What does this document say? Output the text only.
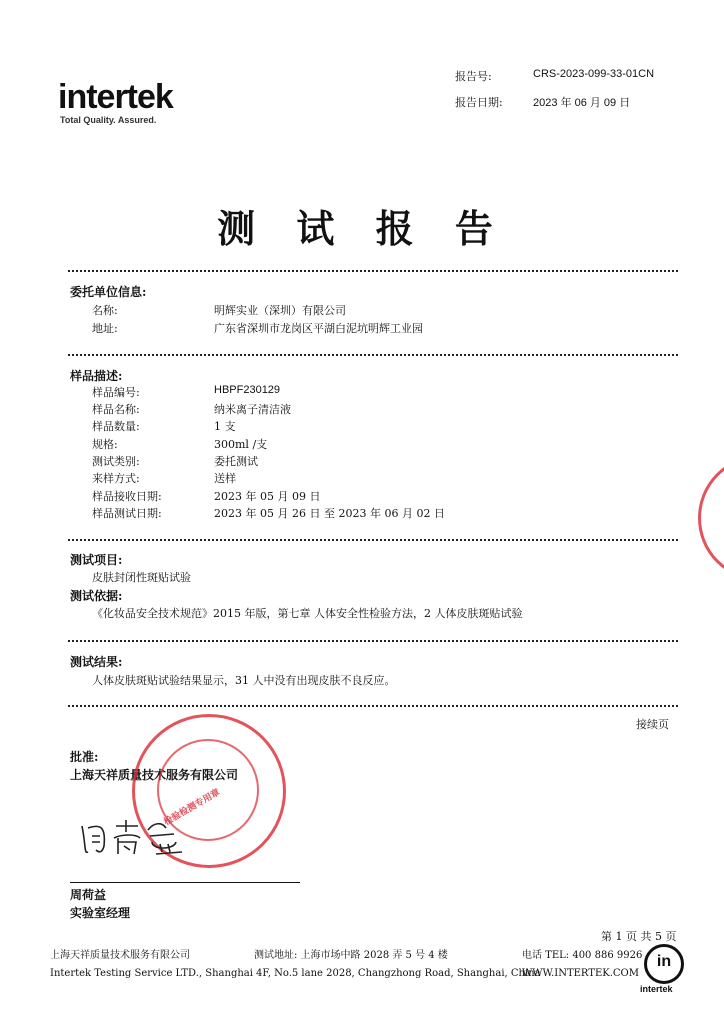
intertek
Total Quality. Assured.
报告号:	CRS-2023-099-33-01CN
报告日期:	2023 年 06 月 09 日
测 试 报 告
委托单位信息:
名称:	明辉实业（深圳）有限公司
地址:	广东省深圳市龙岗区平湖白泥坑明辉工业园
样品描述:
样品编号:	HBPF230129
样品名称:	纳米离子清洁液
样品数量:	1 支
规格:	300ml /支
测试类别:	委托测试
来样方式:	送样
样品接收日期:	2023 年 05 月 09 日
样品测试日期:	2023 年 05 月 26 日 至 2023 年 06 月 02 日
测试项目:
皮肤封闭性斑贴试验
测试依据:
《化妆品安全技术规范》2015 年版，第七章 人体安全性检验方法，2 人体皮肤斑贴试验
测试结果:
人体皮肤斑贴试验结果显示，31 人中没有出现皮肤不良反应。
接续页
批准:
上海天祥质量技术服务有限公司
检验检测专用章
周荷益
实验室经理
第 1 页 共 5 页
上海天祥质量技术服务有限公司	测试地址: 上海市场中路 2028 弄 5 号 4 楼	电话 TEL: 400 886 9926
Intertek Testing Service LTD., Shanghai 4F, No.5 lane 2028, Changzhong Road, Shanghai, China
WWW.INTERTEK.COM
in
intertek
